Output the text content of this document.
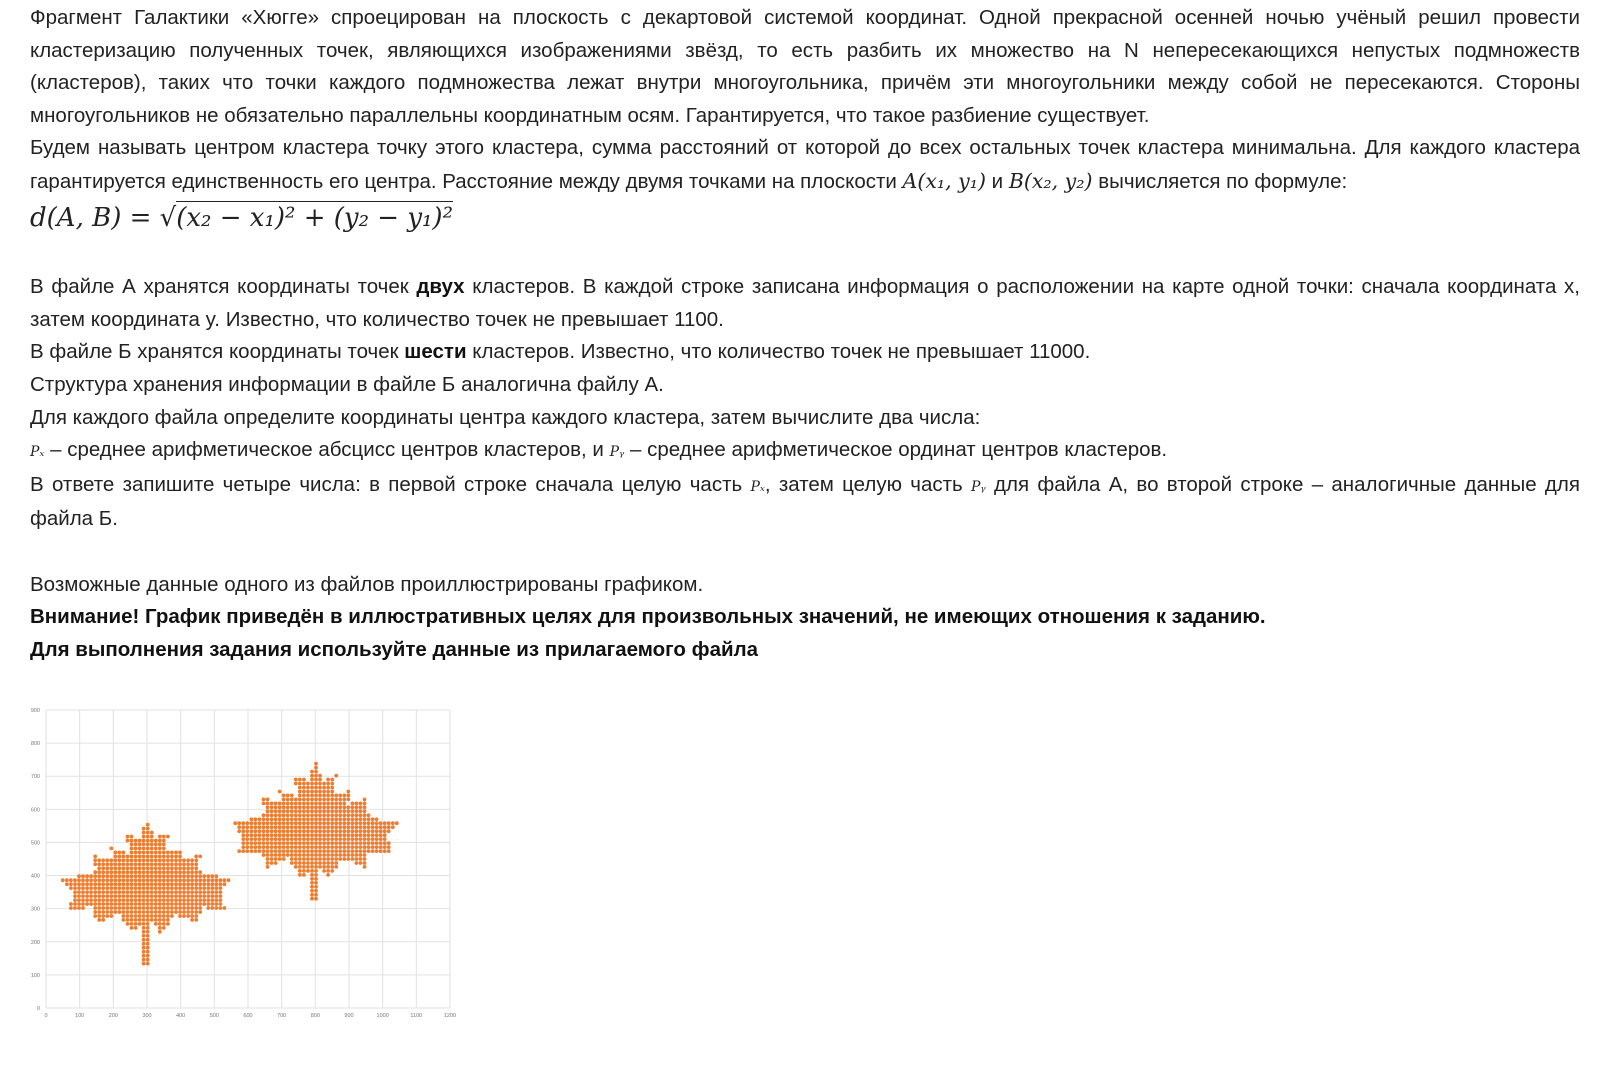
Фрагмент Галактики «Хюгге» спроецирован на плоскость с декартовой системой координат. Одной прекрасной осенней ночью учёный решил провести кластеризацию полученных точек, являющихся изображениями звёзд, то есть разбить их множество на N непересекающихся непустых подмножеств (кластеров), таких что точки каждого подмножества лежат внутри многоугольника, причём эти многоугольники между собой не пересекаются. Стороны многоугольников не обязательно параллельны координатным осям. Гарантируется, что такое разбиение существует.

Будем называть центром кластера точку этого кластера, сумма расстояний от которой до всех остальных точек кластера минимальна. Для каждого кластера гарантируется единственность его центра. Расстояние между двумя точками на плоскости A(x₁, y₁) и B(x₂, y₂) вычисляется по формуле:

d(A, B) = √(x₂ − x₁)² + (y₂ − y₁)²

В файле А хранятся координаты точек двух кластеров. В каждой строке записана информация о расположении на карте одной точки: сначала координата x, затем координата y. Известно, что количество точек не превышает 1100.

В файле Б хранятся координаты точек шести кластеров. Известно, что количество точек не превышает 11000.

Структура хранения информации в файле Б аналогична файлу А.

Для каждого файла определите координаты центра каждого кластера, затем вычислите два числа:

Pₓ – среднее арифметическое абсцисс центров кластеров, и Pᵧ – среднее арифметическое ординат центров кластеров.

В ответе запишите четыре числа: в первой строке сначала целую часть Pₓ, затем целую часть Pᵧ для файла А, во второй строке – аналогичные данные для файла Б.

Возможные данные одного из файлов проиллюстрированы графиком.

Внимание! График приведён в иллюстративных целях для произвольных значений, не имеющих отношения к заданию.

Для выполнения задания используйте данные из прилагаемого файла

0	100	200	300	400	500	600	700	800	900	1000	1100	1200
0
100
200
300
400
500
600
700
800
900
